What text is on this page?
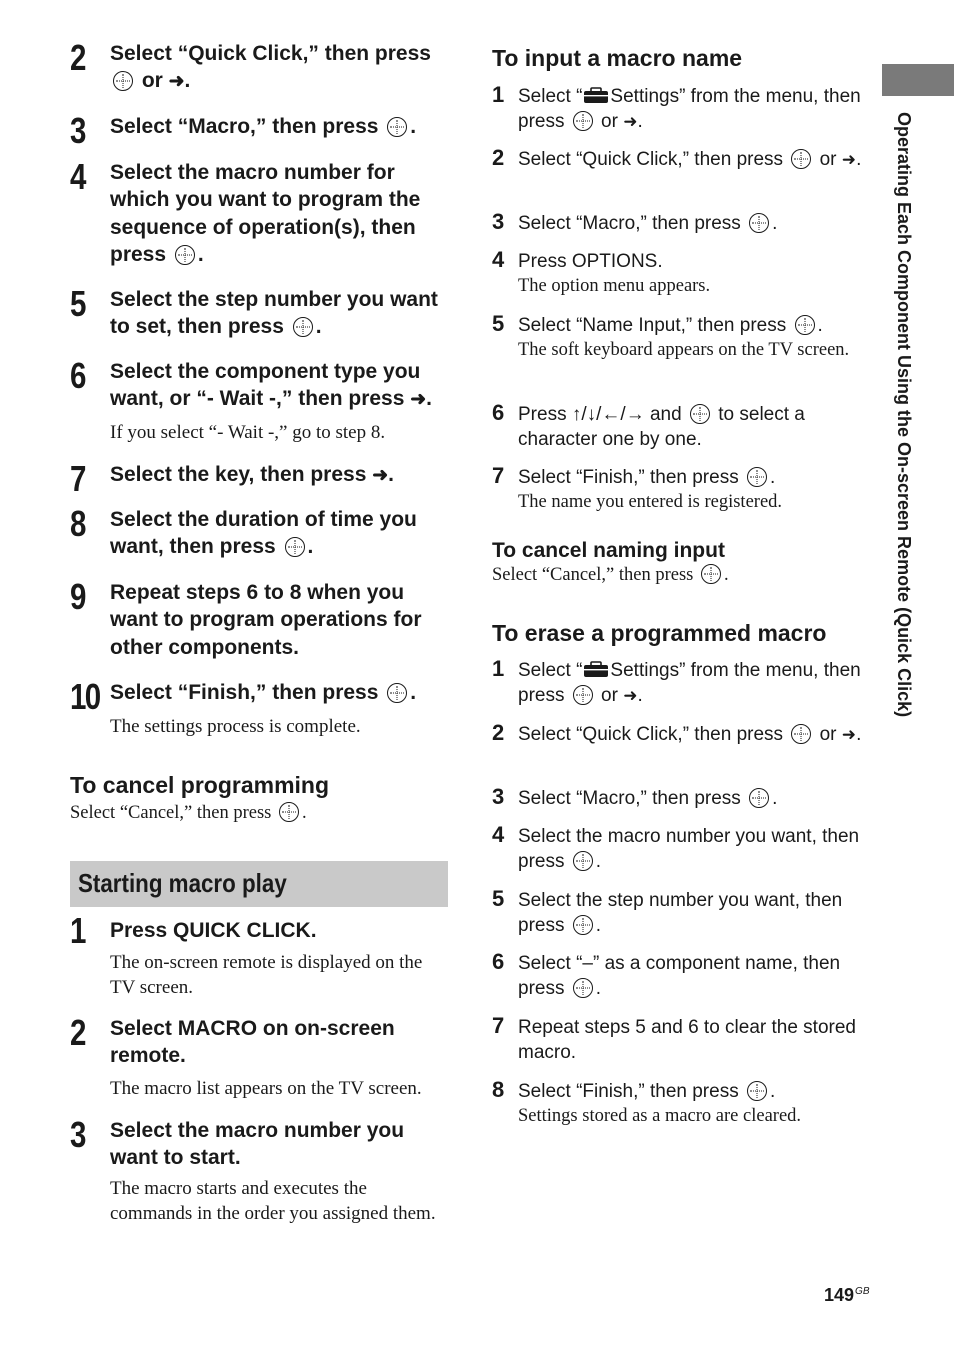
Operating Each Component Using the On-screen Remote (Quick Click)
2 Select “Quick Click,” then press  or ➜.
3 Select “Macro,” then press .
4 Select the macro number for which you want to program the sequence of operation(s), then press .
5 Select the step number you want to set, then press .
6 Select the component type you want, or “- Wait -,” then press ➜.
If you select “- Wait -,” go to step 8.
7 Select the key, then press ➜.
8 Select the duration of time you want, then press .
9 Repeat steps 6 to 8 when you want to program operations for other components.
10 Select “Finish,” then press .
The settings process is complete.
To cancel programming
Select “Cancel,” then press .
Starting macro play
1 Press QUICK CLICK.
The on-screen remote is displayed on the TV screen.
2 Select MACRO on on-screen remote.
The macro list appears on the TV screen.
3 Select the macro number you want to start.
The macro starts and executes the commands in the order you assigned them.
To input a macro name
1 Select “ Settings” from the menu, then press  or ➜.
2 Select “Quick Click,” then press  or ➜.
3 Select “Macro,” then press .
4 Press OPTIONS.
The option menu appears.
5 Select “Name Input,” then press .
The soft keyboard appears on the TV screen.
6 Press ↑/↓/←/→ and  to select a character one by one.
7 Select “Finish,” then press .
The name you entered is registered.
To cancel naming input
Select “Cancel,” then press .
To erase a programmed macro
1 Select “ Settings” from the menu, then press  or ➜.
2 Select “Quick Click,” then press  or ➜.
3 Select “Macro,” then press .
4 Select the macro number you want, then press .
5 Select the step number you want, then press .
6 Select “–” as a component name, then press .
7 Repeat steps 5 and 6 to clear the stored macro.
8 Select “Finish,” then press .
Settings stored as a macro are cleared.
$149^{GB}$
